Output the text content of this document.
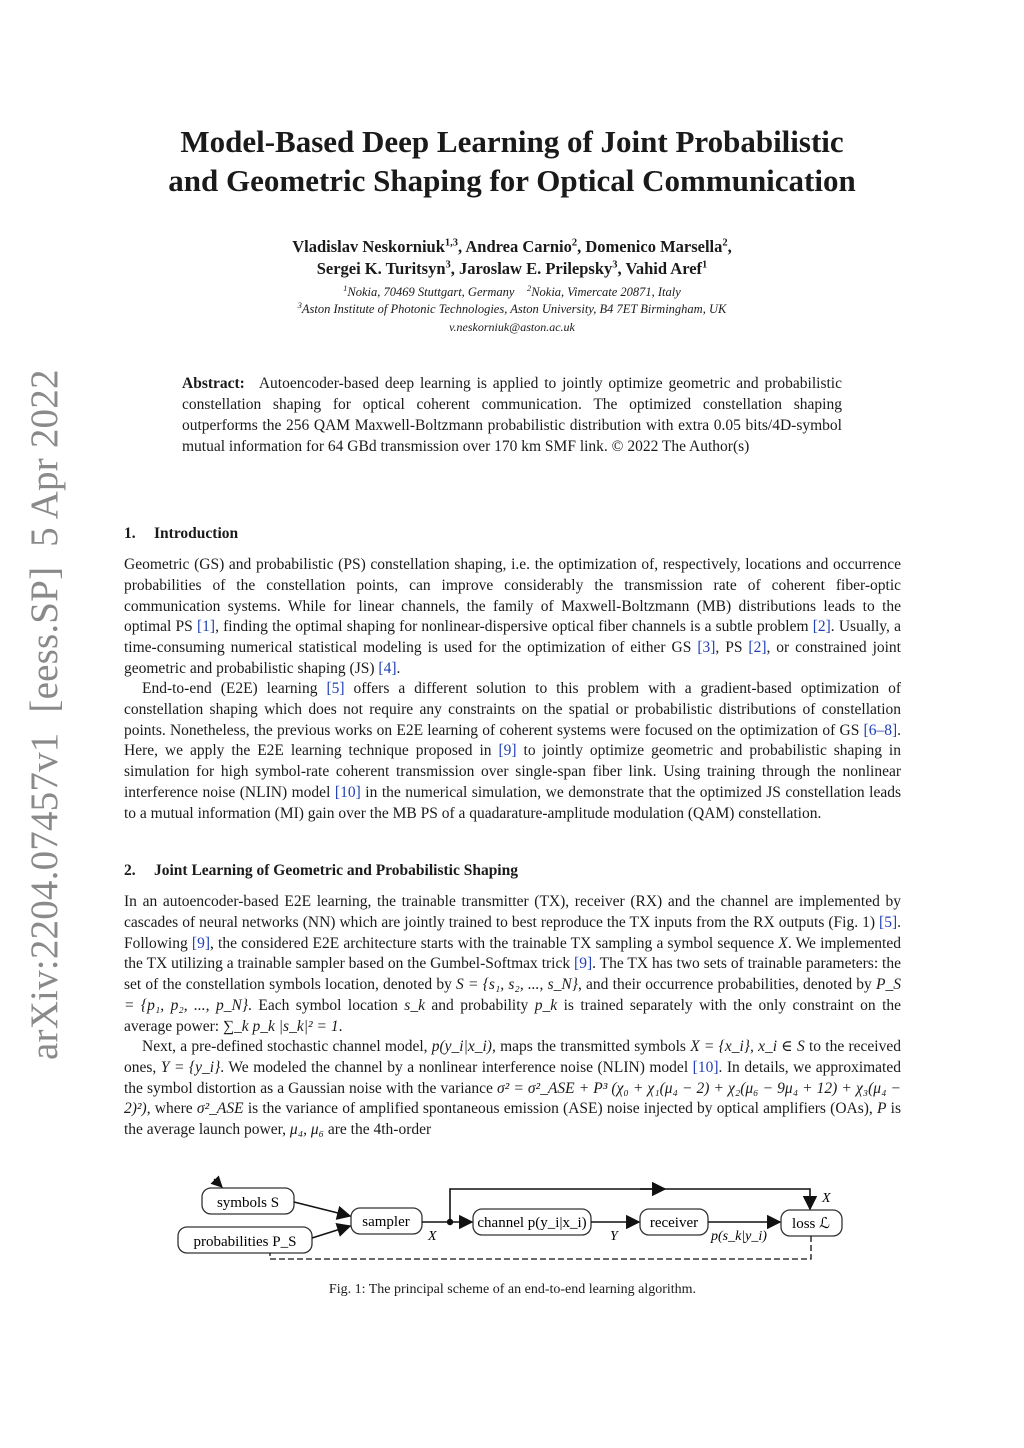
arXiv:2204.07457v1  [eess.SP]  5 Apr 2022
Model-Based Deep Learning of Joint Probabilistic
and Geometric Shaping for Optical Communication
Vladislav Neskorniuk$^{1,3}$, Andrea Carnio$^2$, Domenico Marsella$^2$,
Sergei K. Turitsyn$^3$, Jaroslaw E. Prilepsky$^3$, Vahid Aref$^1$
$^1$Nokia, 70469 Stuttgart, Germany $^2$Nokia, Vimercate 20871, Italy
$^3$Aston Institute of Photonic Technologies, Aston University, B4 7ET Birmingham, UK
v.neskorniuk@aston.ac.uk
Abstract: Autoencoder-based deep learning is applied to jointly optimize geometric and probabilistic constellation shaping for optical coherent communication. The optimized constellation shaping outperforms the 256 QAM Maxwell-Boltzmann probabilistic distribution with extra 0.05 bits/4D-symbol mutual information for 64 GBd transmission over 170 km SMF link. © 2022 The Author(s)
1. Introduction
Geometric (GS) and probabilistic (PS) constellation shaping, i.e. the optimization of, respectively, locations and occurrence probabilities of the constellation points, can improve considerably the transmission rate of coherent fiber-optic communication systems. While for linear channels, the family of Maxwell-Boltzmann (MB) distributions leads to the optimal PS [1], finding the optimal shaping for nonlinear-dispersive optical fiber channels is a subtle problem [2]. Usually, a time-consuming numerical statistical modeling is used for the optimization of either GS [3], PS [2], or constrained joint geometric and probabilistic shaping (JS) [4].
End-to-end (E2E) learning [5] offers a different solution to this problem with a gradient-based optimization of constellation shaping which does not require any constraints on the spatial or probabilistic distributions of constellation points. Nonetheless, the previous works on E2E learning of coherent systems were focused on the optimization of GS [6–8]. Here, we apply the E2E learning technique proposed in [9] to jointly optimize geometric and probabilistic shaping in simulation for high symbol-rate coherent transmission over single-span fiber link. Using training through the nonlinear interference noise (NLIN) model [10] in the numerical simulation, we demonstrate that the optimized JS constellation leads to a mutual information (MI) gain over the MB PS of a quadarature-amplitude modulation (QAM) constellation.
2. Joint Learning of Geometric and Probabilistic Shaping
In an autoencoder-based E2E learning, the trainable transmitter (TX), receiver (RX) and the channel are implemented by cascades of neural networks (NN) which are jointly trained to best reproduce the TX inputs from the RX outputs (Fig. 1) [5]. Following [9], the considered E2E architecture starts with the trainable TX sampling a symbol sequence X. We implemented the TX utilizing a trainable sampler based on the Gumbel-Softmax trick [9]. The TX has two sets of trainable parameters: the set of the constellation symbols location, denoted by S = {s₁, s₂, ..., s_N}, and their occurrence probabilities, denoted by P_S = {p₁, p₂, ..., p_N}. Each symbol location s_k and probability p_k is trained separately with the only constraint on the average power: ∑_k p_k |s_k|² = 1.
Next, a pre-defined stochastic channel model, p(y_i|x_i), maps the transmitted symbols X = {x_i}, x_i ∈ S to the received ones, Y = {y_i}. We modeled the channel by a nonlinear interference noise (NLIN) model [10]. In details, we approximated the symbol distortion as a Gaussian noise with the variance σ² = σ²_ASE + P³ (χ₀ + χ₁(μ₄ − 2) + χ₂(μ₆ − 9μ₄ + 12) + χ₃(μ₄ − 2)²), where σ²_ASE is the variance of amplified spontaneous emission (ASE) noise injected by optical amplifiers (OAs), P is the average launch power, μ₄, μ₆ are the 4th-order
symbols S
probabilities P_S
sampler	channel p(y_i|x_i)	receiver	loss ℒ
X	Y	p(s_k|y_i)
X
Fig. 1: The principal scheme of an end-to-end learning algorithm.
